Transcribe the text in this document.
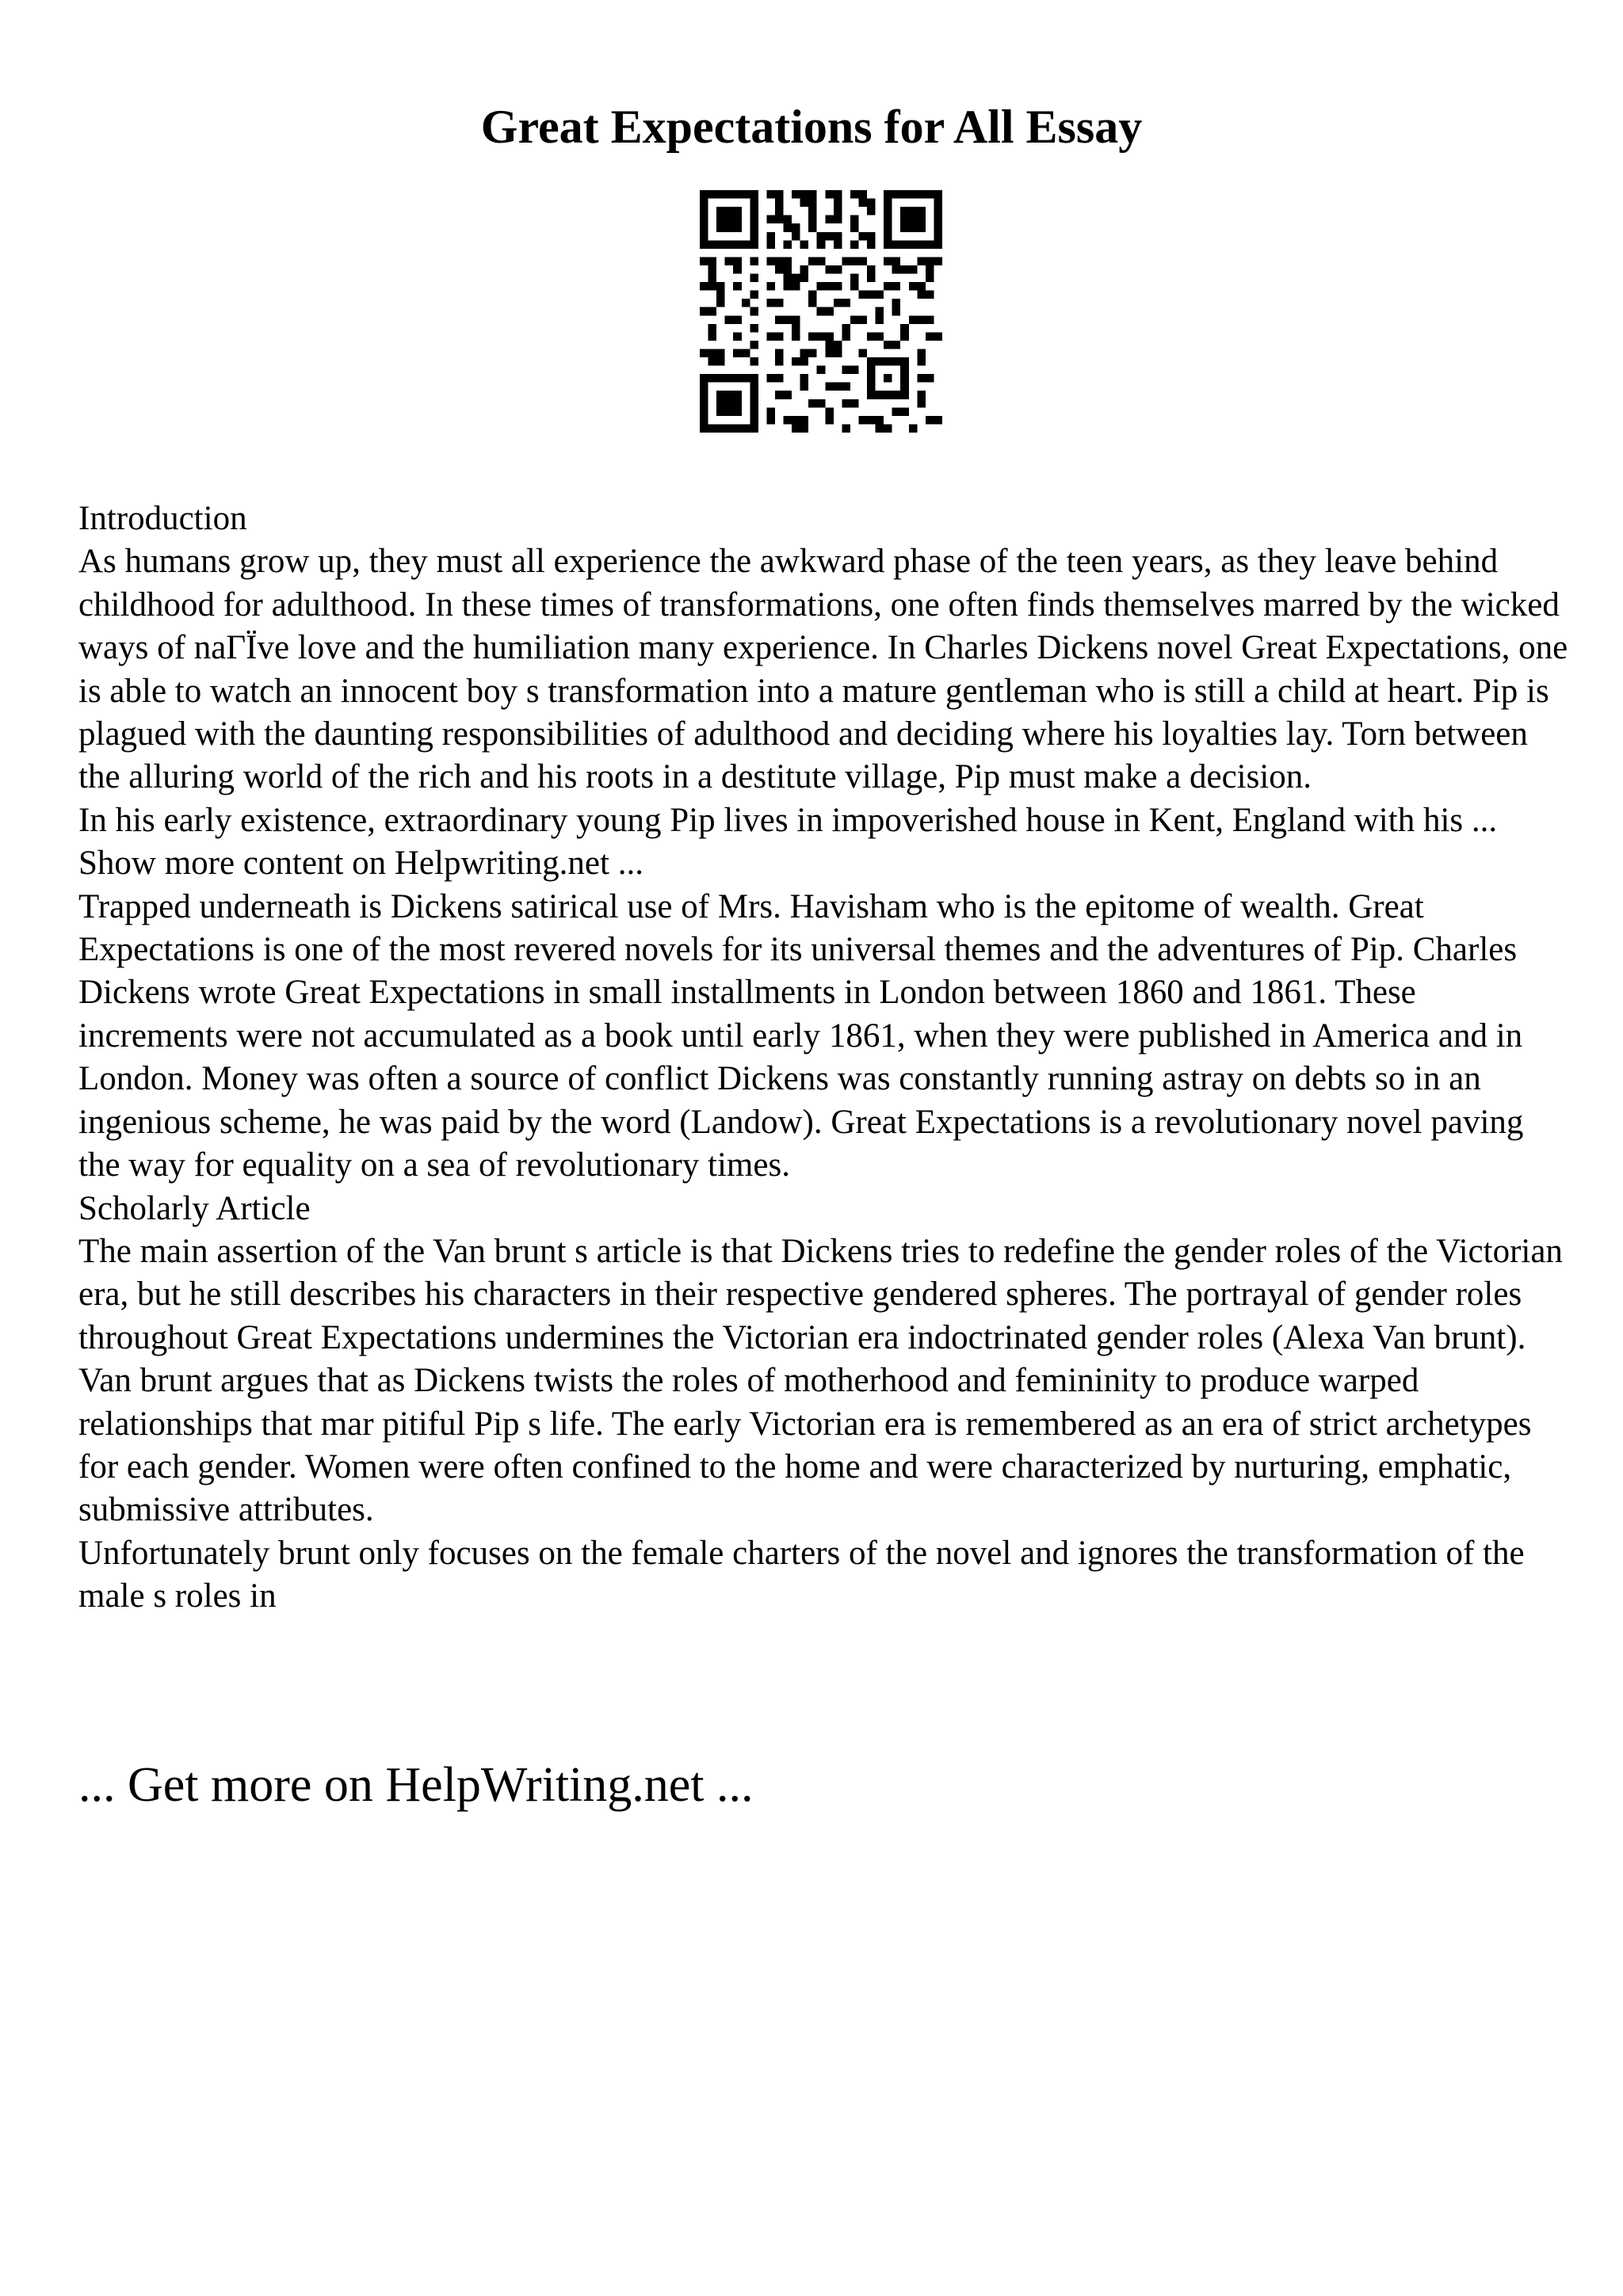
Great Expectations for All Essay

Introduction

As humans grow up, they must all experience the awkward phase of the teen years, as they leave behind childhood for adulthood. In these times of transformations, one often finds themselves marred by the wicked ways of naΓÏve love and the humiliation many experience. In Charles Dickens novel Great Expectations, one is able to watch an innocent boy s transformation into a mature gentleman who is still a child at heart. Pip is plagued with the daunting responsibilities of adulthood and deciding where his loyalties lay. Torn between the alluring world of the rich and his roots in a destitute village, Pip must make a decision.

In his early existence, extraordinary young Pip lives in impoverished house in Kent, England with his ... Show more content on Helpwriting.net ...

Trapped underneath is Dickens satirical use of Mrs. Havisham who is the epitome of wealth. Great Expectations is one of the most revered novels for its universal themes and the adventures of Pip. Charles Dickens wrote Great Expectations in small installments in London between 1860 and 1861. These increments were not accumulated as a book until early 1861, when they were published in America and in London. Money was often a source of conflict Dickens was constantly running astray on debts so in an ingenious scheme, he was paid by the word (Landow). Great Expectations is a revolutionary novel paving the way for equality on a sea of revolutionary times.

Scholarly Article

The main assertion of the Van brunt s article is that Dickens tries to redefine the gender roles of the Victorian era, but he still describes his characters in their respective gendered spheres. The portrayal of gender roles throughout Great Expectations undermines the Victorian era indoctrinated gender roles (Alexa Van brunt). Van brunt argues that as Dickens twists the roles of motherhood and femininity to produce warped relationships that mar pitiful Pip s life. The early Victorian era is remembered as an era of strict archetypes for each gender. Women were often confined to the home and were characterized by nurturing, emphatic, submissive attributes.

Unfortunately brunt only focuses on the female charters of the novel and ignores the transformation of the male s roles in

... Get more on HelpWriting.net ...
